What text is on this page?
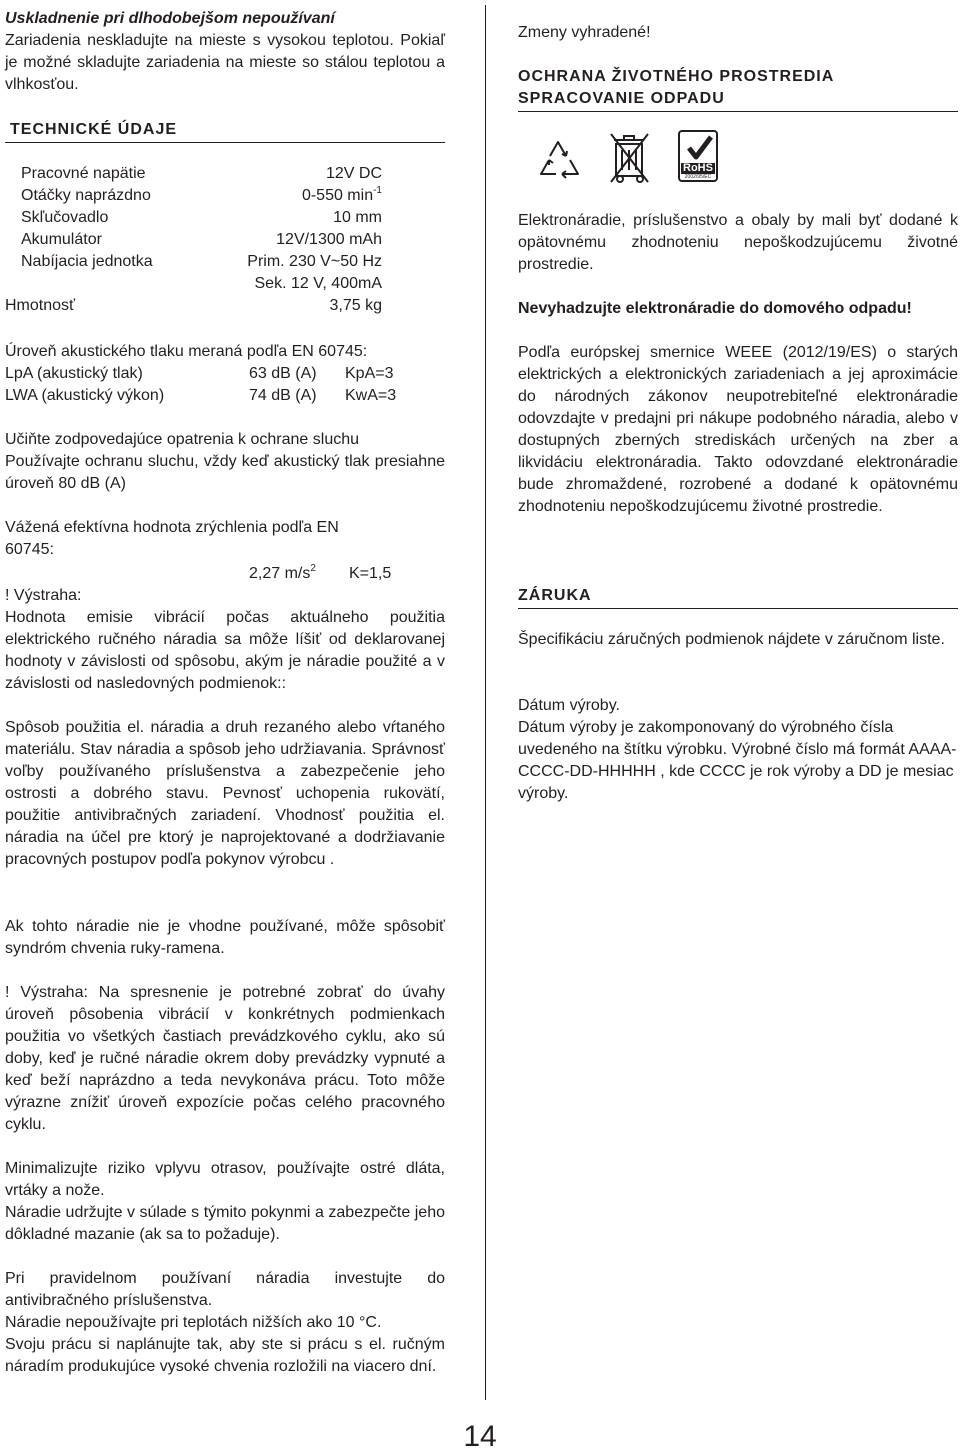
Uskladnenie pri dlhodobejšom nepoužívaní
Zariadenia neskladujte na mieste s vysokou teplotou. Pokiaľ je možné skladujte zariadenia na mieste so stálou teplotou a vlhkosťou.
TECHNICKÉ ÚDAJE
Pracovné napätie	12V DC
Otáčky naprázdno	0-550 $\min^{-1}$
Skľučovadlo	10 mm
Akumulátor	12V/1300 mAh
Nabíjacia jednotka	Prim. 230 V~50 Hz
Sek. 12 V, 400mA
Hmotnosť	3,75 kg
Úroveň akustického tlaku meraná podľa EN 60745:
LpA (akustický tlak)	63 dB (A) KpA=3
LWA (akustický výkon)	74 dB (A) KwA=3
Učiňte zodpovedajúce opatrenia k ochrane sluchu
Používajte ochranu sluchu, vždy keď akustický tlak presiahne úroveň 80 dB (A)
Vážená efektívna hodnota zrýchlenia podľa EN 60745:
2,27 $m/s^2$ K=1,5
! Výstraha:
Hodnota emisie vibrácií počas aktuálneho použitia elektrického ručného náradia sa môže líšiť od deklarovanej hodnoty v závislosti od spôsobu, akým je náradie použité a v závislosti od nasledovných podmienok::
Spôsob použitia el. náradia a druh rezaného alebo vŕtaného materiálu. Stav náradia a spôsob jeho udržiavania. Správnosť voľby používaného príslušenstva a zabezpečenie jeho ostrosti a dobrého stavu. Pevnosť uchopenia rukovätí, použitie antivibračných zariadení. Vhodnosť použitia el. náradia na účel pre ktorý je naprojektované a dodržiavanie pracovných postupov podľa pokynov výrobcu .
Ak tohto náradie nie je vhodne používané, môže spôsobiť syndróm chvenia ruky-ramena.
! Výstraha: Na spresnenie je potrebné zobrať do úvahy úroveň pôsobenia vibrácií v konkrétnych podmienkach použitia vo všetkých častiach prevádzkového cyklu, ako sú doby, keď je ručné náradie okrem doby prevádzky vypnuté a keď beží naprázdno a teda nevykonáva prácu. Toto môže výrazne znížiť úroveň expozície počas celého pracovného cyklu.
Minimalizujte riziko vplyvu otrasov, používajte ostré dláta, vrtáky a nože.
Náradie udržujte v súlade s týmito pokynmi a zabezpečte jeho dôkladné mazanie (ak sa to požaduje).
Pri pravidelnom používaní náradia investujte do antivibračného príslušenstva.
Náradie nepoužívajte pri teplotách nižších ako 10 °C.
Svoju prácu si naplánujte tak, aby ste si prácu s el. ručným náradím produkujúce vysoké chvenia rozložili na viacero dní.
Zmeny vyhradené!
OCHRANA ŽIVOTNÉHO PROSTREDIA
SPRACOVANIE ODPADU
RoHS
2002/95/EC
Elektronáradie, príslušenstvo a obaly by mali byť dodané k opätovnému zhodnoteniu nepoškodzujúcemu životné prostredie.
Nevyhadzujte elektronáradie do domového odpadu!
Podľa európskej smernice WEEE (2012/19/ES) o starých elektrických a elektronických zariadeniach a jej aproximácie do národných zákonov neupotrebiteľné elektronáradie odovzdajte v predajni pri nákupe podobného náradia, alebo v dostupných zberných strediskách určených na zber a likvidáciu elektronáradia. Takto odovzdané elektronáradie bude zhromaždené, rozrobené a dodané k opätovnému zhodnoteniu nepoškodzujúcemu životné prostredie.
ZÁRUKA
Špecifikáciu záručných podmienok nájdete v záručnom liste.
Dátum výroby.
Dátum výroby je zakomponovaný do výrobného čísla uvedeného na štítku výrobku. Výrobné číslo má formát AAAA-CCCC-DD-HHHHH , kde CCCC je rok výroby a DD je mesiac výroby.
14
